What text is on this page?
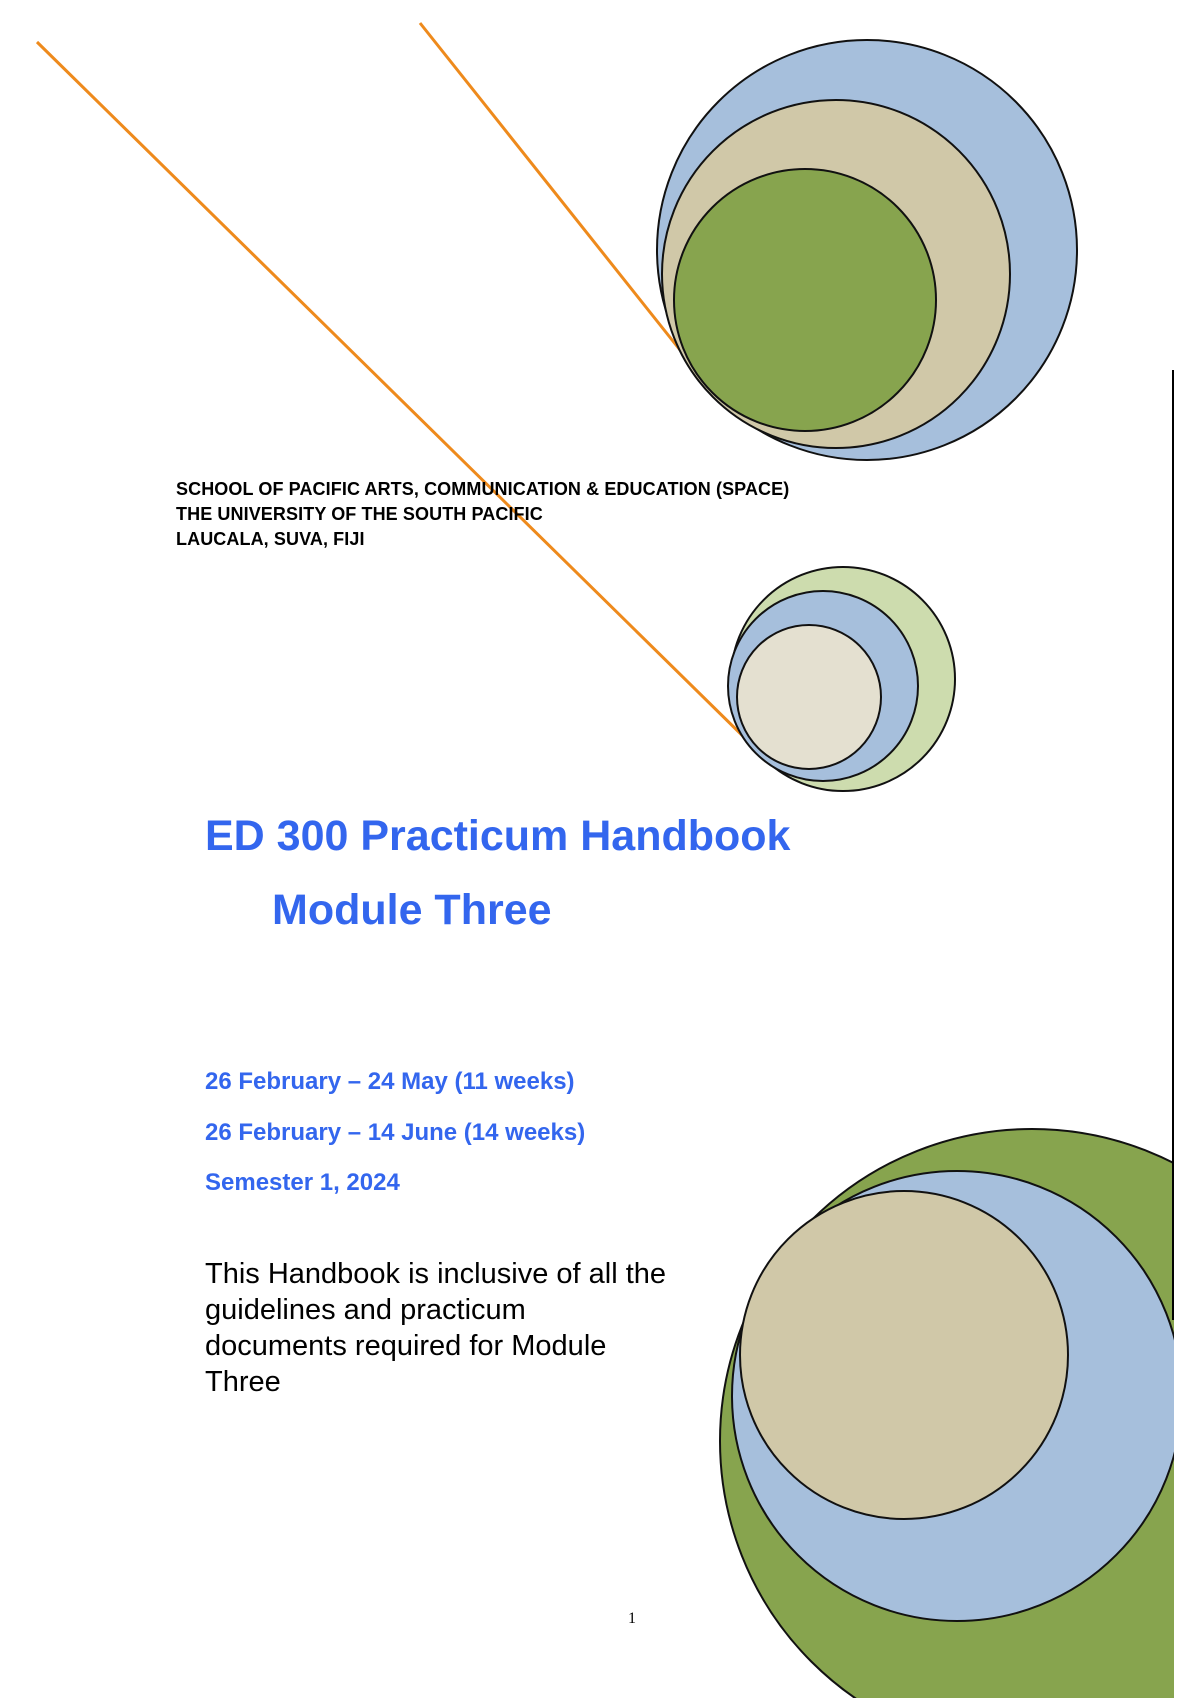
SCHOOL OF PACIFIC ARTS, COMMUNICATION & EDUCATION (SPACE)
THE UNIVERSITY OF THE SOUTH PACIFIC
LAUCALA, SUVA, FIJI
ED 300 Practicum Handbook
Module Three
26 February – 24 May (11 weeks)
26 February – 14 June (14 weeks)
Semester 1, 2024
This Handbook is inclusive of all the guidelines and practicum documents required for Module Three
1
